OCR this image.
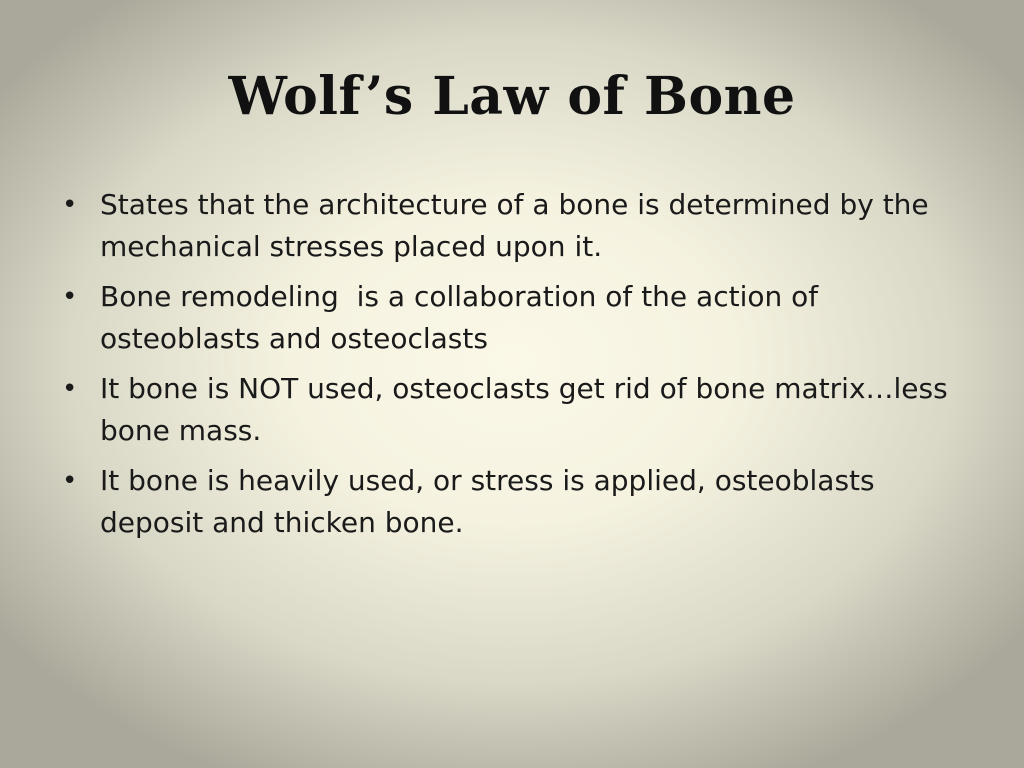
Wolf’s Law of Bone
• States that the architecture of a bone is determined by the mechanical stresses placed upon it.
• Bone remodeling  is a collaboration of the action of osteoblasts and osteoclasts
• It bone is NOT used, osteoclasts get rid of bone matrix…less bone mass.
• It bone is heavily used, or stress is applied, osteoblasts deposit and thicken bone.
